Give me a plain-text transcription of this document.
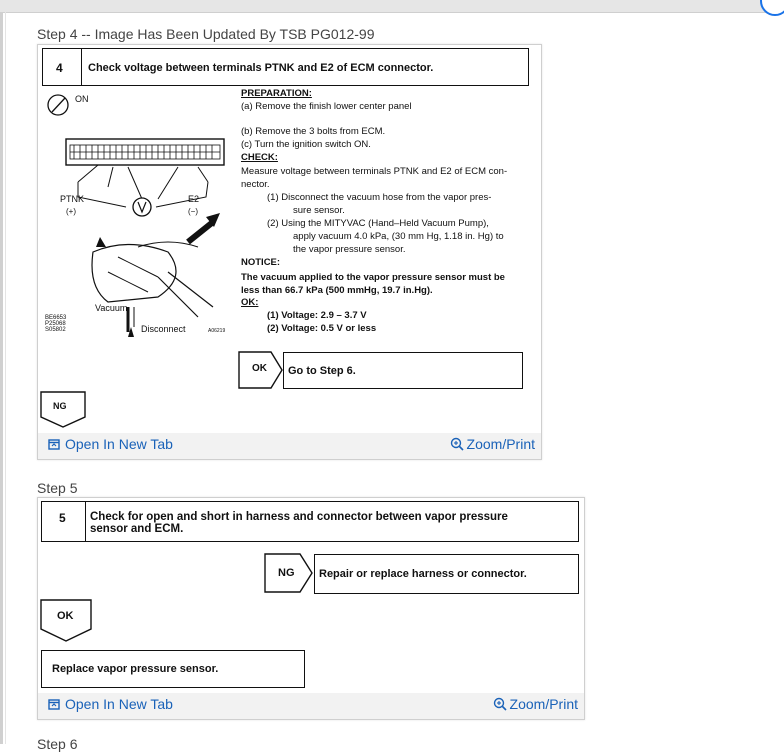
Step 4 -- Image Has Been Updated By TSB PG012-99
4 Check voltage between terminals PTNK and E2 of ECM connector.
ON
PTNK
(+)
E2
(−)
Vacuum
Disconnect
BE6653
P25068
S05802	A06219
PREPARATION:
(a) Remove the finish lower center panel
(b) Remove the 3 bolts from ECM.
(c) Turn the ignition switch ON.
CHECK:
Measure voltage between terminals PTNK and E2 of ECM con-
nector.
(1) Disconnect the vacuum hose from the vapor pres-
sure sensor.
(2) Using the MITYVAC (Hand–Held Vacuum Pump),
apply vacuum 4.0 kPa, (30 mm Hg, 1.18 in. Hg) to
the vapor pressure sensor.
NOTICE:
The vacuum applied to the vapor pressure sensor must be
less than 66.7 kPa (500 mmHg, 19.7 in.Hg).
OK:
(1) Voltage: 2.9 – 3.7 V
(2) Voltage: 0.5 V or less
OK Go to Step 6.
NG
Open In New Tab	Zoom/Print
Step 5
5 Check for open and short in harness and connector between vapor pressure
sensor and ECM.
NG Repair or replace harness or connector.
OK
Replace vapor pressure sensor.
Open In New Tab	Zoom/Print
Step 6
